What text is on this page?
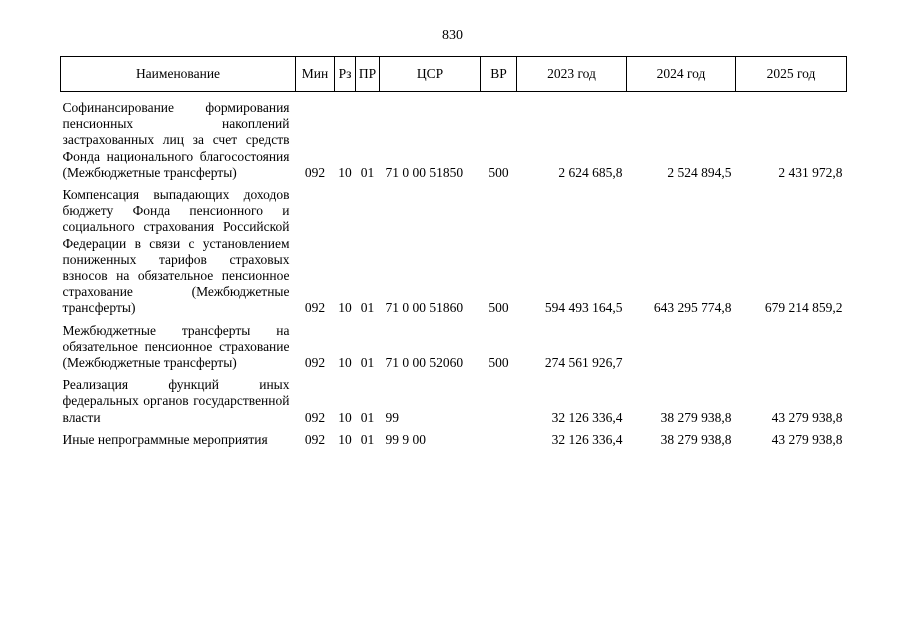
830
Наименование	Мин	Рз	ПР	ЦСР	ВР	2023 год	2024 год	2025 год
Софинансирование формирования пенсионных накоплений застрахованных лиц за счет средств Фонда национального благосостояния (Межбюджетные трансферты)	092	10	01	71 0 00 51850	500	2 624 685,8	2 524 894,5	2 431 972,8
Компенсация выпадающих доходов бюджету Фонда пенсионного и социального страхования Российской Федерации в связи с установлением пониженных тарифов страховых взносов на обязательное пенсионное страхование (Межбюджетные трансферты)	092	10	01	71 0 00 51860	500	594 493 164,5	643 295 774,8	679 214 859,2
Межбюджетные трансферты на обязательное пенсионное страхование (Межбюджетные трансферты)	092	10	01	71 0 00 52060	500	274 561 926,7		
Реализация функций иных федеральных органов государственной власти	092	10	01	99		32 126 336,4	38 279 938,8	43 279 938,8
Иные непрограммные мероприятия	092	10	01	99 9 00		32 126 336,4	38 279 938,8	43 279 938,8
